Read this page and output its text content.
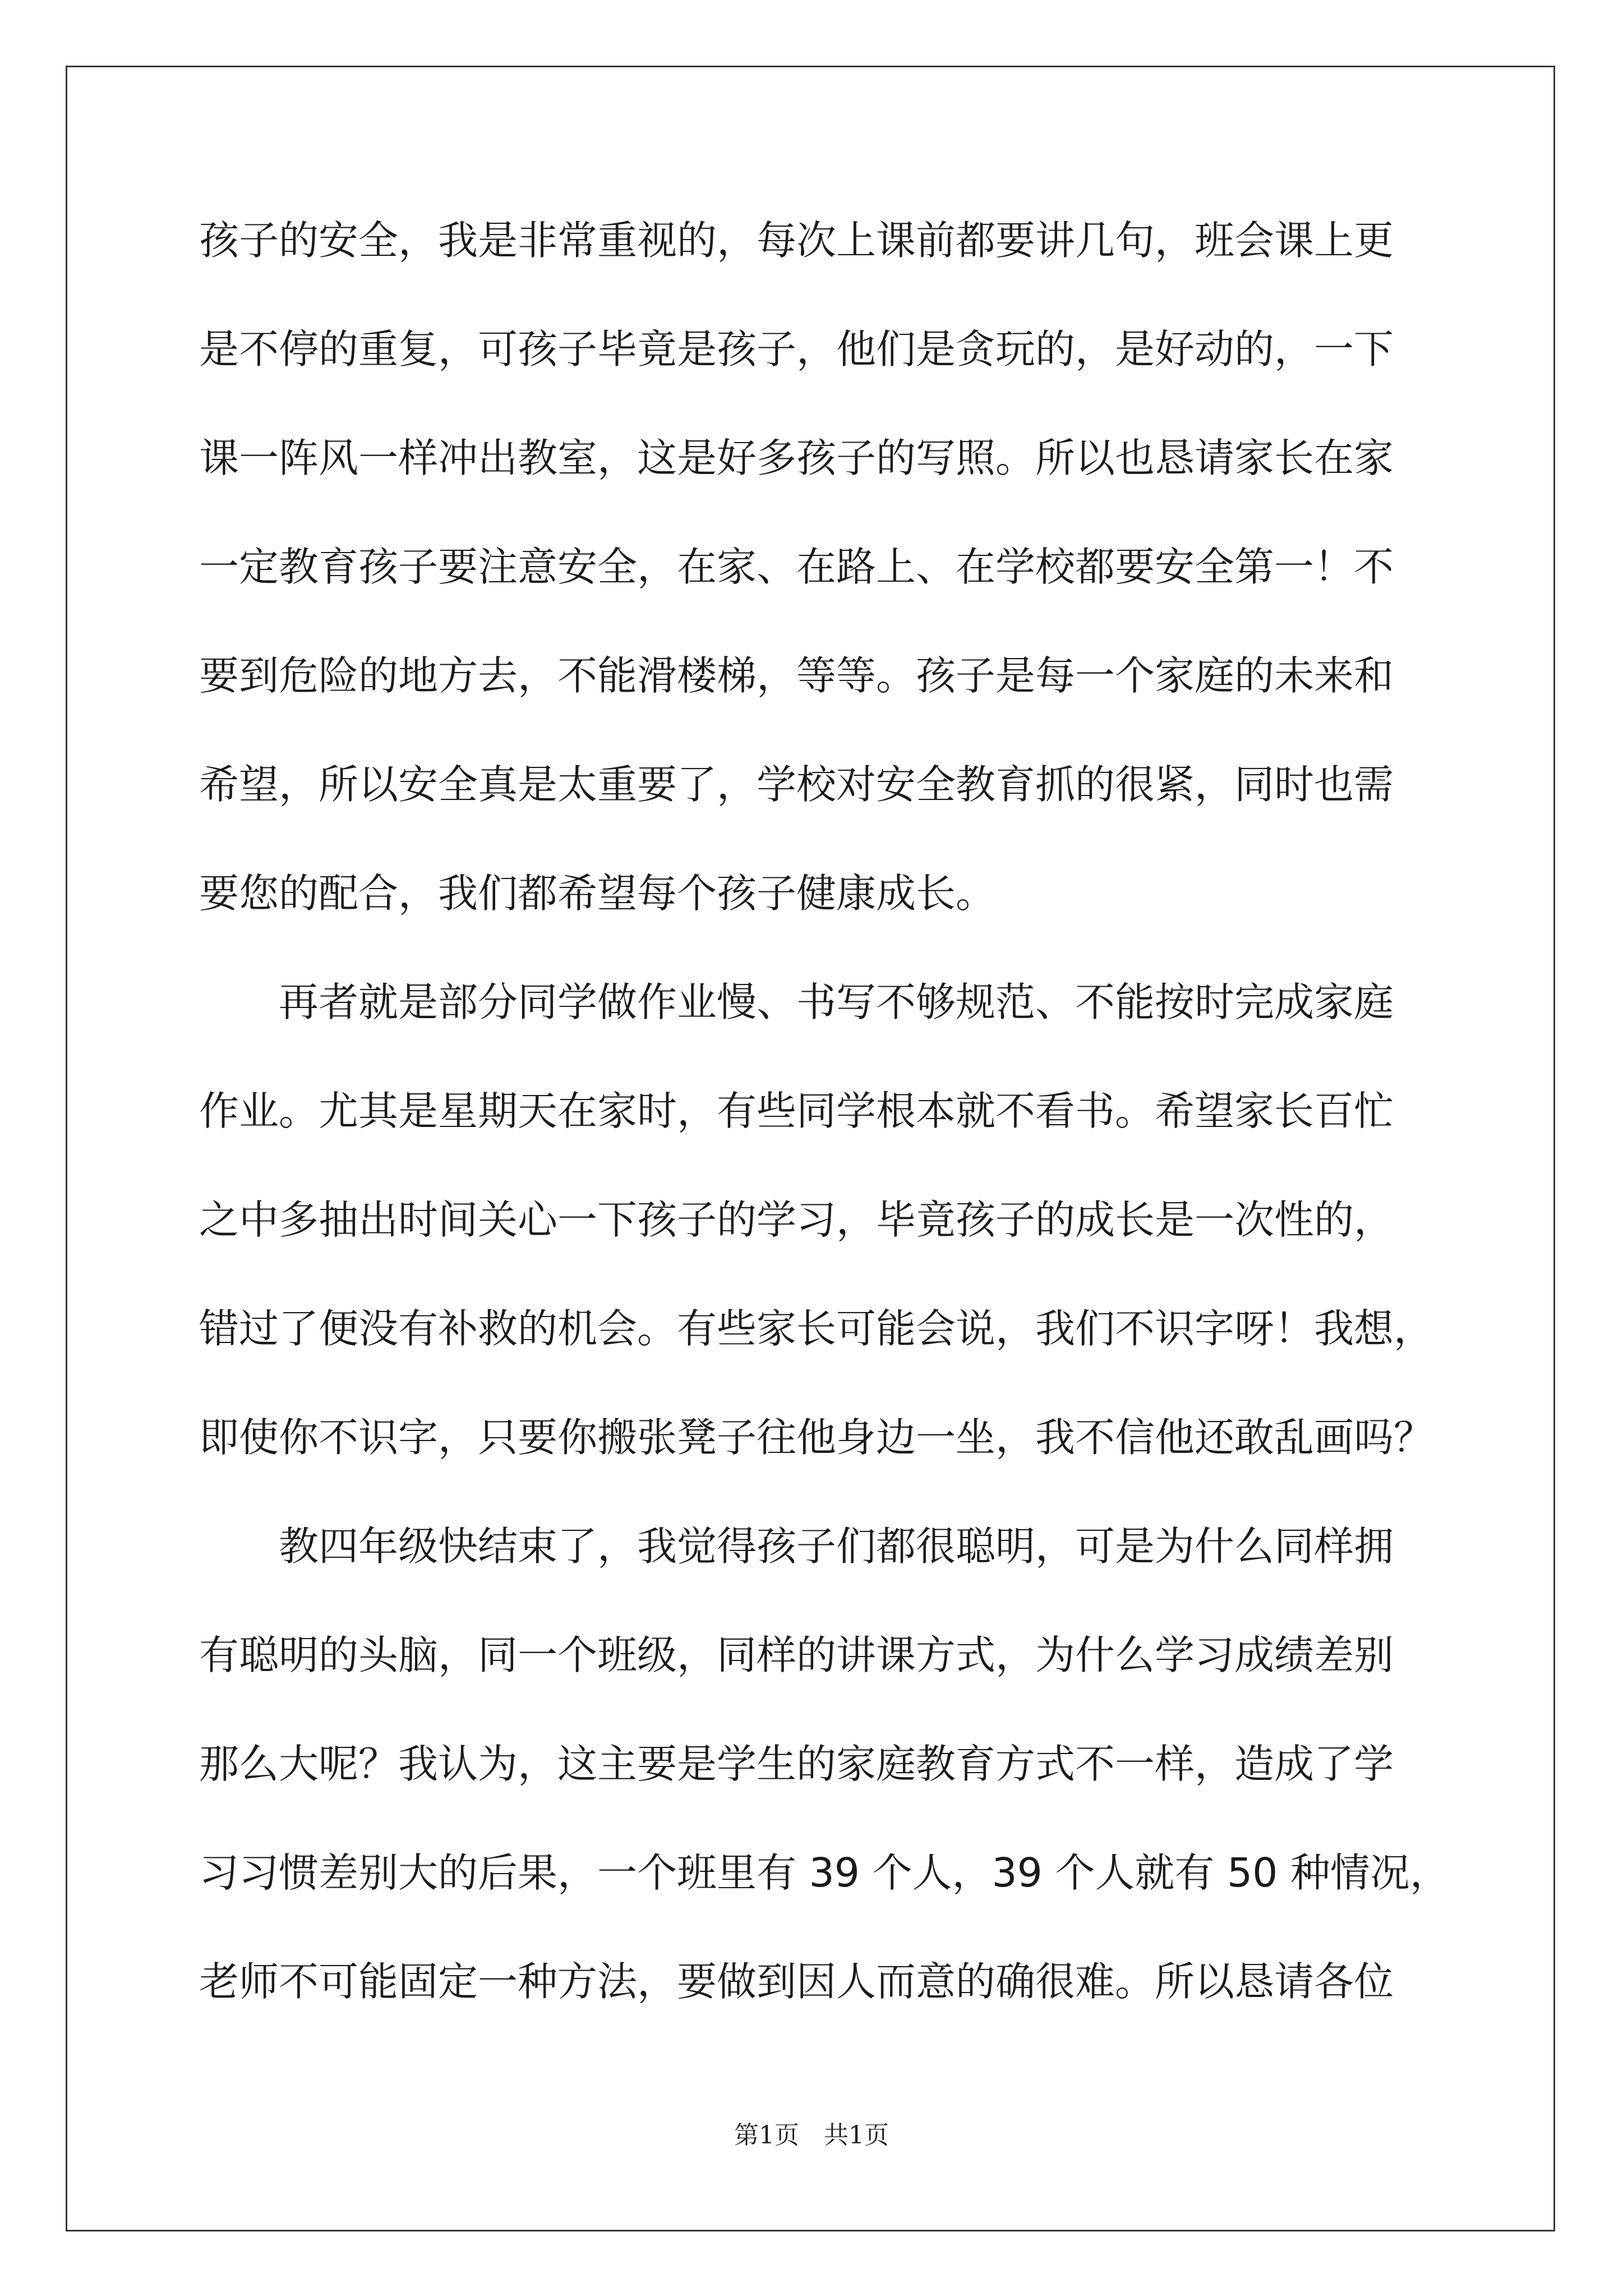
孩子的安全，我是非常重视的，每次上课前都要讲几句，班会课上更
是不停的重复，可孩子毕竟是孩子，他们是贪玩的，是好动的，一下
课一阵风一样冲出教室，这是好多孩子的写照。所以也恳请家长在家
一定教育孩子要注意安全，在家、在路上、在学校都要安全第一！不
要到危险的地方去，不能滑楼梯，等等。孩子是每一个家庭的未来和
希望，所以安全真是太重要了，学校对安全教育抓的很紧，同时也需
要您的配合，我们都希望每个孩子健康成长。
　　再者就是部分同学做作业慢、书写不够规范、不能按时完成家庭
作业。尤其是星期天在家时，有些同学根本就不看书。希望家长百忙
之中多抽出时间关心一下孩子的学习，毕竟孩子的成长是一次性的，
错过了便没有补救的机会。有些家长可能会说，我们不识字呀！我想，
即使你不识字，只要你搬张凳子往他身边一坐，我不信他还敢乱画吗？
　　教四年级快结束了，我觉得孩子们都很聪明，可是为什么同样拥
有聪明的头脑，同一个班级，同样的讲课方式，为什么学习成绩差别
那么大呢？我认为，这主要是学生的家庭教育方式不一样，造成了学
习习惯差别大的后果，一个班里有 39 个人，39 个人就有 50 种情况，
老师不可能固定一种方法，要做到因人而意的确很难。所以恳请各位
第1页 共1页
